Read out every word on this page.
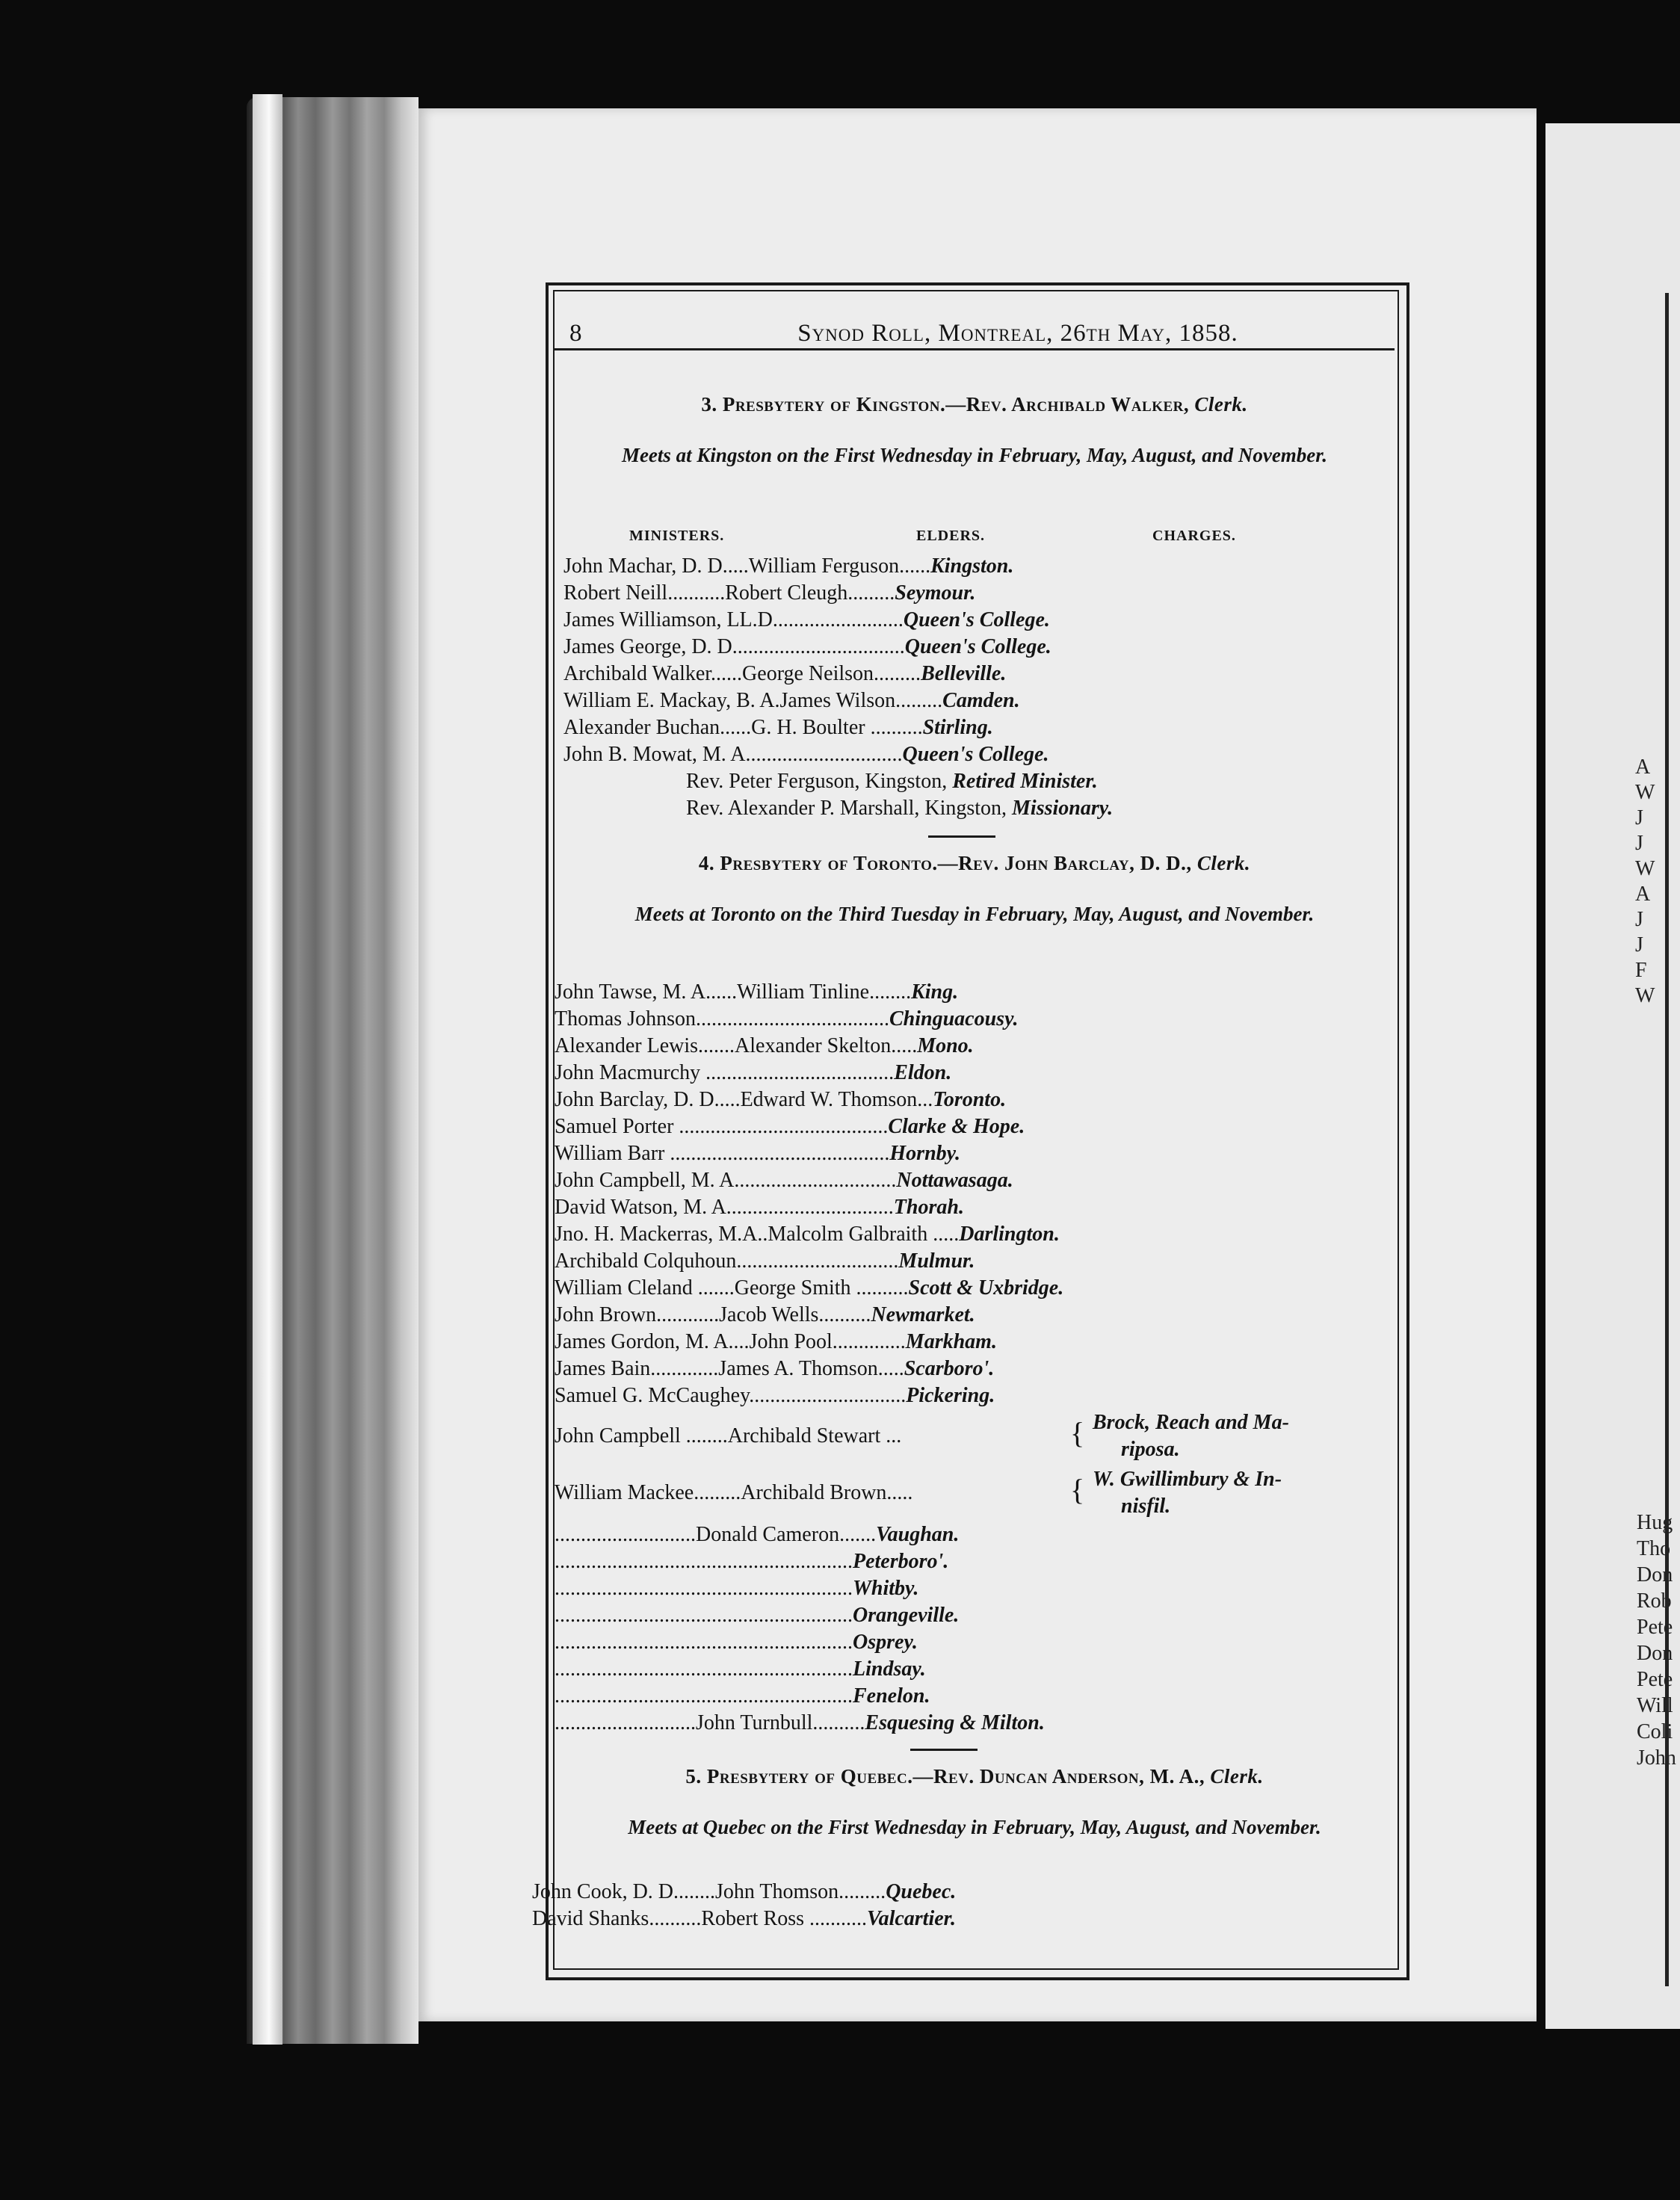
A
W
J
J
W
A
J
J
F
W
Hug
Tho
Don
Rob
Pete
Don
Pete
Will
Coli
John
8	Synod Roll, Montreal, 26th May, 1858.
3. Presbytery of Kingston.—Rev. Archibald Walker, Clerk.
Meets at Kingston on the First Wednesday in February, May, August, and November.
MINISTERS.	ELDERS.	CHARGES.
John Machar, D. D.....William Ferguson......Kingston.
Robert Neill...........Robert Cleugh.........Seymour.
James Williamson, LL.D.........................Queen's College.
James George, D. D.................................Queen's College.
Archibald Walker......George Neilson.........Belleville.
William E. Mackay, B. A.James Wilson.........Camden.
Alexander Buchan......G. H. Boulter ..........Stirling.
John B. Mowat, M. A..............................Queen's College.
Rev. Peter Ferguson, Kingston, Retired Minister.
Rev. Alexander P. Marshall, Kingston, Missionary.
4. Presbytery of Toronto.—Rev. John Barclay, D. D., Clerk.
Meets at Toronto on the Third Tuesday in February, May, August, and November.
John Tawse, M. A......William Tinline........King.
Thomas Johnson.....................................Chinguacousy.
Alexander Lewis.......Alexander Skelton.....Mono.
John Macmurchy ....................................Eldon.
John Barclay, D. D.....Edward W. Thomson...Toronto.
Samuel Porter ........................................Clarke & Hope.
William Barr ..........................................Hornby.
John Campbell, M. A...............................Nottawasaga.
David Watson, M. A................................Thorah.
Jno. H. Mackerras, M.A..Malcolm Galbraith .....Darlington.
Archibald Colquhoun...............................Mulmur.
William Cleland .......George Smith ..........Scott & Uxbridge.
John Brown............Jacob Wells..........Newmarket.
James Gordon, M. A....John Pool..............Markham.
James Bain.............James A. Thomson.....Scarboro'.
Samuel G. McCaughey..............................Pickering.
John Campbell ........Archibald Stewart ...	{ Brock, Reach and Ma-
riposa.
William Mackee.........Archibald Brown.....	{ W. Gwillimbury & In-
nisfil.
...........................Donald Cameron.......Vaughan.
.........................................................Peterboro'.
.........................................................Whitby.
.........................................................Orangeville.
.........................................................Osprey.
.........................................................Lindsay.
.........................................................Fenelon.
...........................John Turnbull..........Esquesing & Milton.
5. Presbytery of Quebec.—Rev. Duncan Anderson, M. A., Clerk.
Meets at Quebec on the First Wednesday in February, May, August, and November.
John Cook, D. D........John Thomson.........Quebec.
David Shanks..........Robert Ross ...........Valcartier.
